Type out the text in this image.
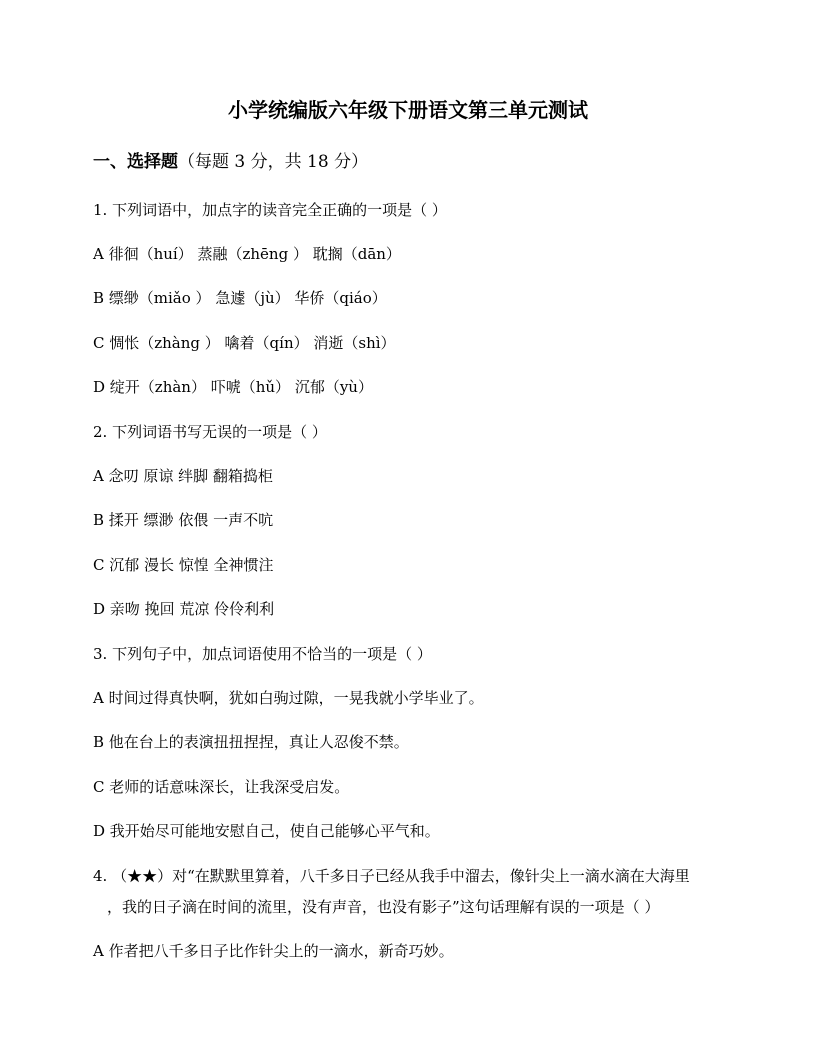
小学统编版六年级下册语文第三单元测试
一、选择题（每题 3 分，共 18 分）
1. 下列词语中，加点字的读音完全正确的一项是（ ）
A 徘徊（huí） 蒸融（zhēng ） 耽搁（dān）
B 缥缈（miǎo ） 急遽（jù） 华侨（qiáo）
C 惆怅（zhàng ） 噙着（qín） 消逝（shì）
D 绽开（zhàn） 吓唬（hǔ） 沉郁（yù）
2. 下列词语书写无误的一项是（ ）
A 念叨 原谅 绊脚 翻箱捣柜
B 揉开 缥渺 依偎 一声不吭
C 沉郁 漫长 惊惶 全神惯注
D 亲吻 挽回 荒凉 伶伶利利
3. 下列句子中，加点词语使用不恰当的一项是（ ）
A 时间过得真快啊，犹如白驹过隙，一晃我就小学毕业了。
B 他在台上的表演扭扭捏捏，真让人忍俊不禁。
C 老师的话意味深长，让我深受启发。
D 我开始尽可能地安慰自己，使自己能够心平气和。
4. （★★）对“在默默里算着，八千多日子已经从我手中溜去，像针尖上一滴水滴在大海里
，我的日子滴在时间的流里，没有声音，也没有影子”这句话理解有误的一项是（ ）
A 作者把八千多日子比作针尖上的一滴水，新奇巧妙。
